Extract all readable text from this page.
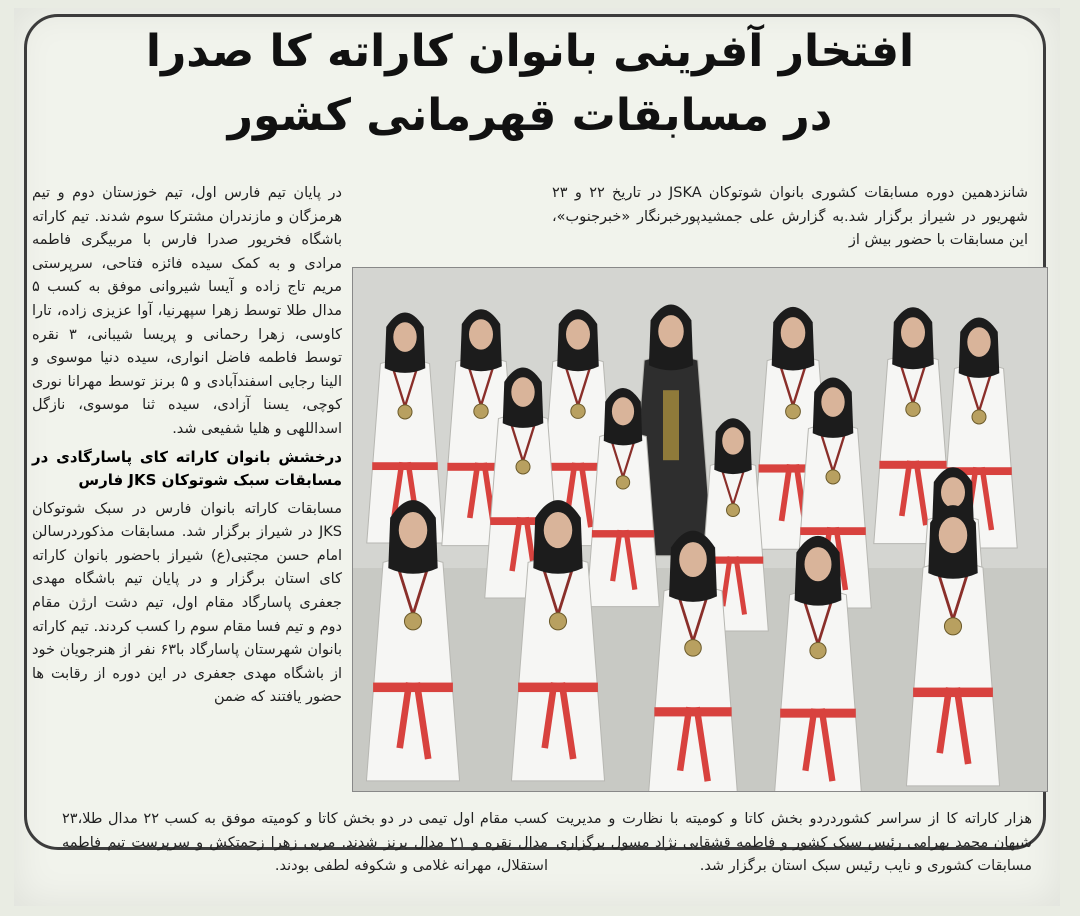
افتخار آفرینی بانوان کاراته کا صدرا
در مسابقات قهرمانی کشور

شانزدهمین دوره مسابقات کشوری بانوان شوتوکان JSKA در تاریخ ۲۲ و ۲۳ شهریور در شیراز برگزار شد.به گزارش علی جمشیدپورخبرنگار «خبرجنوب»، این مسابقات با حضور بیش از

در پایان تیم فارس اول، تیم خوزستان دوم و تیم هرمزگان و مازندران مشترکا سوم شدند. تیم کاراته باشگاه فخریور صدرا فارس با مربیگری فاطمه مرادی و به کمک سیده فائزه فتاحی، سرپرستی مریم تاج زاده و آیسا شیروانی موفق به کسب ۵ مدال طلا توسط زهرا سپهرنیا، آوا عزیزی زاده، تارا کاوسی، زهرا رحمانی و پریسا شیبانی، ۳ نقره توسط فاطمه فاضل انواری، سیده دنیا موسوی و الینا رجایی اسفندآبادی و ۵ برنز توسط مهرانا نوری کوچی، یسنا آزادی، سیده ثنا موسوی، نازگل اسداللهی و هلیا شفیعی شد.

درخشش بانوان کاراته کای پاسارگادی در مسابقات سبک شوتوکان JKS فارس

مسابقات کاراته بانوان فارس در سبک شوتوکان JKS در شیراز برگزار شد. مسابقات مذکوردرسالن امام حسن مجتبی(ع) شیراز باحضور بانوان کاراته کای استان برگزار و در پایان تیم باشگاه مهدی جعفری پاسارگاد مقام اول، تیم دشت ارژن مقام دوم و تیم فسا مقام سوم را کسب کردند. تیم کاراته بانوان شهرستان پاسارگاد با۶۳ نفر از هنرجویان خود از باشگاه مهدی جعفری در این دوره از رقابت ها حضور یافتند که ضمن

کسب مقام اول تیمی در دو بخش کاتا و کومیته موفق به کسب ۲۲ مدال طلا،۲۳ مدال نقره و ۲۱ مدال برنز شدند. مربی زهرا زحمتکش و سرپرست تیم فاطمه استقلال، مهرانه غلامی و شکوفه لطفی بودند.

هزار کاراته کا از سراسر کشوردردو بخش کاتا و کومیته با نظارت و مدیریت شبهان محمد بهرامی رئیس سبک کشور و فاطمه قشقایی نژاد مسول برگزاری مسابقات کشوری و نایب رئیس سبک استان برگزار شد.
